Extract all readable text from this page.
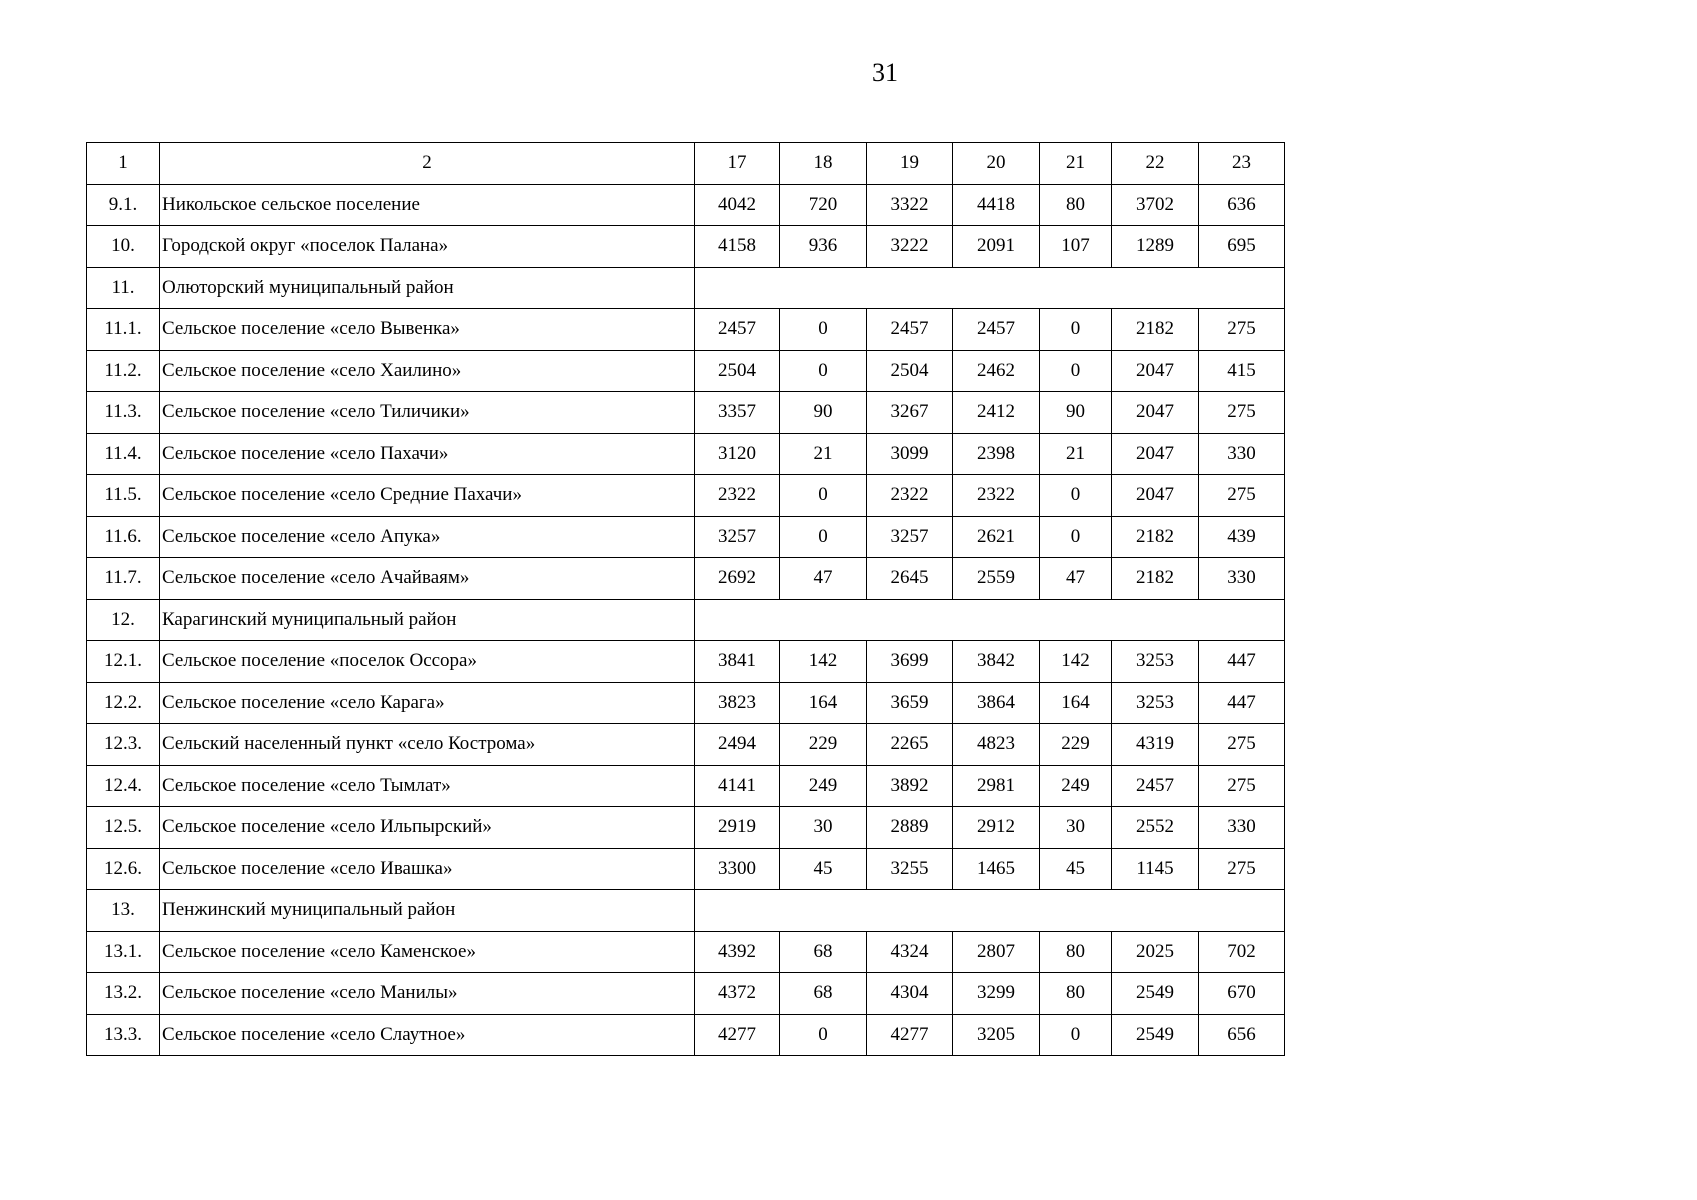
31
1	2	17	18	19	20	21	22	23
9.1.	Никольское сельское поселение	4042	720	3322	4418	80	3702	636
10.	Городской округ «поселок Палана»	4158	936	3222	2091	107	1289	695
11.	Олюторский муниципальный район							
11.1.	Сельское поселение «село Вывенка»	2457	0	2457	2457	0	2182	275
11.2.	Сельское поселение «село Хаилино»	2504	0	2504	2462	0	2047	415
11.3.	Сельское поселение «село Тиличики»	3357	90	3267	2412	90	2047	275
11.4.	Сельское поселение «село Пахачи»	3120	21	3099	2398	21	2047	330
11.5.	Сельское поселение «село Средние Пахачи»	2322	0	2322	2322	0	2047	275
11.6.	Сельское поселение «село Апука»	3257	0	3257	2621	0	2182	439
11.7.	Сельское поселение «село Ачайваям»	2692	47	2645	2559	47	2182	330
12.	Карагинский муниципальный район							
12.1.	Сельское поселение «поселок Оссора»	3841	142	3699	3842	142	3253	447
12.2.	Сельское поселение «село Карага»	3823	164	3659	3864	164	3253	447
12.3.	Сельский населенный пункт «село Кострома»	2494	229	2265	4823	229	4319	275
12.4.	Сельское поселение «село Тымлат»	4141	249	3892	2981	249	2457	275
12.5.	Сельское поселение «село Ильпырский»	2919	30	2889	2912	30	2552	330
12.6.	Сельское поселение «село Ивашка»	3300	45	3255	1465	45	1145	275
13.	Пенжинский муниципальный район							
13.1.	Сельское поселение «село Каменское»	4392	68	4324	2807	80	2025	702
13.2.	Сельское поселение «село Манилы»	4372	68	4304	3299	80	2549	670
13.3.	Сельское поселение «село Слаутное»	4277	0	4277	3205	0	2549	656
